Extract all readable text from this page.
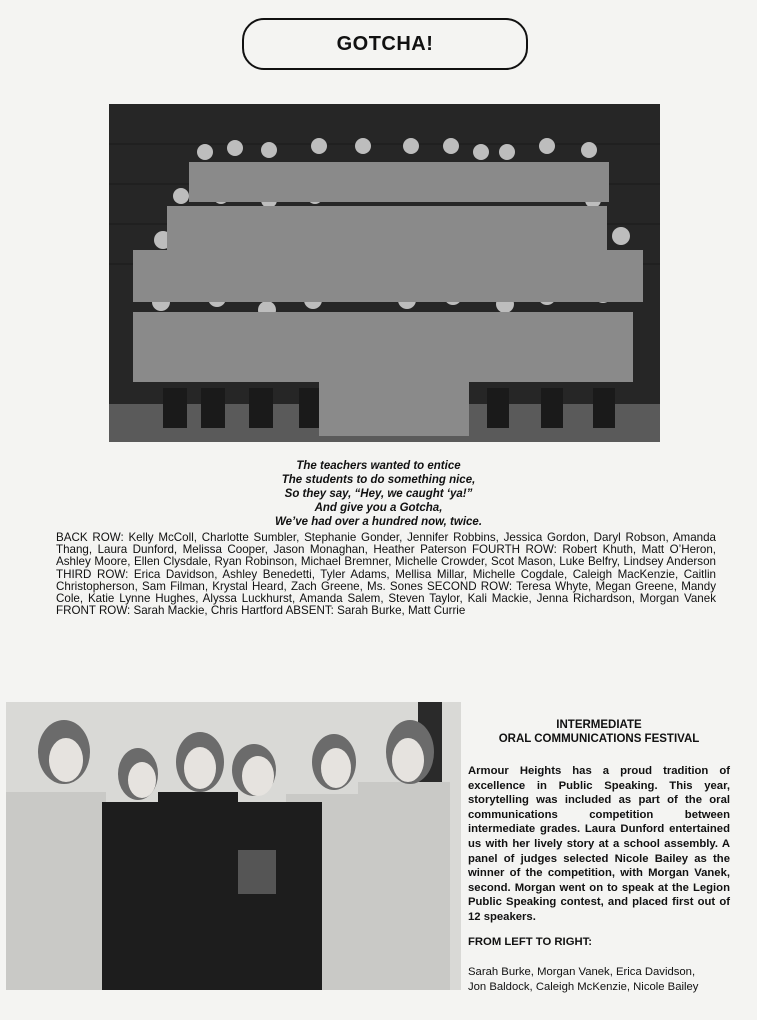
GOTCHA!
The teachers wanted to entice
The students to do something nice,
So they say, “Hey, we caught ‘ya!”
And give you a Gotcha,
We’ve had over a hundred now, twice.
BACK ROW: Kelly McColl, Charlotte Sumbler, Stephanie Gonder, Jennifer Robbins, Jessica Gordon, Daryl Robson, Amanda Thang, Laura Dunford, Melissa Cooper, Jason Monaghan, Heather Paterson FOURTH ROW: Robert Khuth, Matt O’Heron, Ashley Moore, Ellen Clysdale, Ryan Robinson, Michael Bremner, Michelle Crowder, Scot Mason, Luke Belfry, Lindsey Anderson THIRD ROW: Erica Davidson, Ashley Benedetti, Tyler Adams, Mellisa Millar, Michelle Cogdale, Caleigh MacKenzie, Caitlin Christopherson, Sam Filman, Krystal Heard, Zach Greene, Ms. Sones SECOND ROW: Teresa Whyte, Megan Greene, Mandy Cole, Katie Lynne Hughes, Alyssa Luckhurst, Amanda Salem, Steven Taylor, Kali Mackie, Jenna Richardson, Morgan Vanek FRONT ROW: Sarah Mackie, Chris Hartford ABSENT: Sarah Burke, Matt Currie
INTERMEDIATE
ORAL COMMUNICATIONS FESTIVAL
Armour Heights has a proud tradition of excellence in Public Speaking. This year, storytelling was included as part of the oral communications competition between intermediate grades. Laura Dunford entertained us with her lively story at a school assembly. A panel of judges selected Nicole Bailey as the winner of the competition, with Morgan Vanek, second. Morgan went on to speak at the Legion Public Speaking contest, and placed first out of 12 speakers.
FROM LEFT TO RIGHT:
Sarah Burke, Morgan Vanek, Erica Davidson,
Jon Baldock, Caleigh McKenzie, Nicole Bailey
